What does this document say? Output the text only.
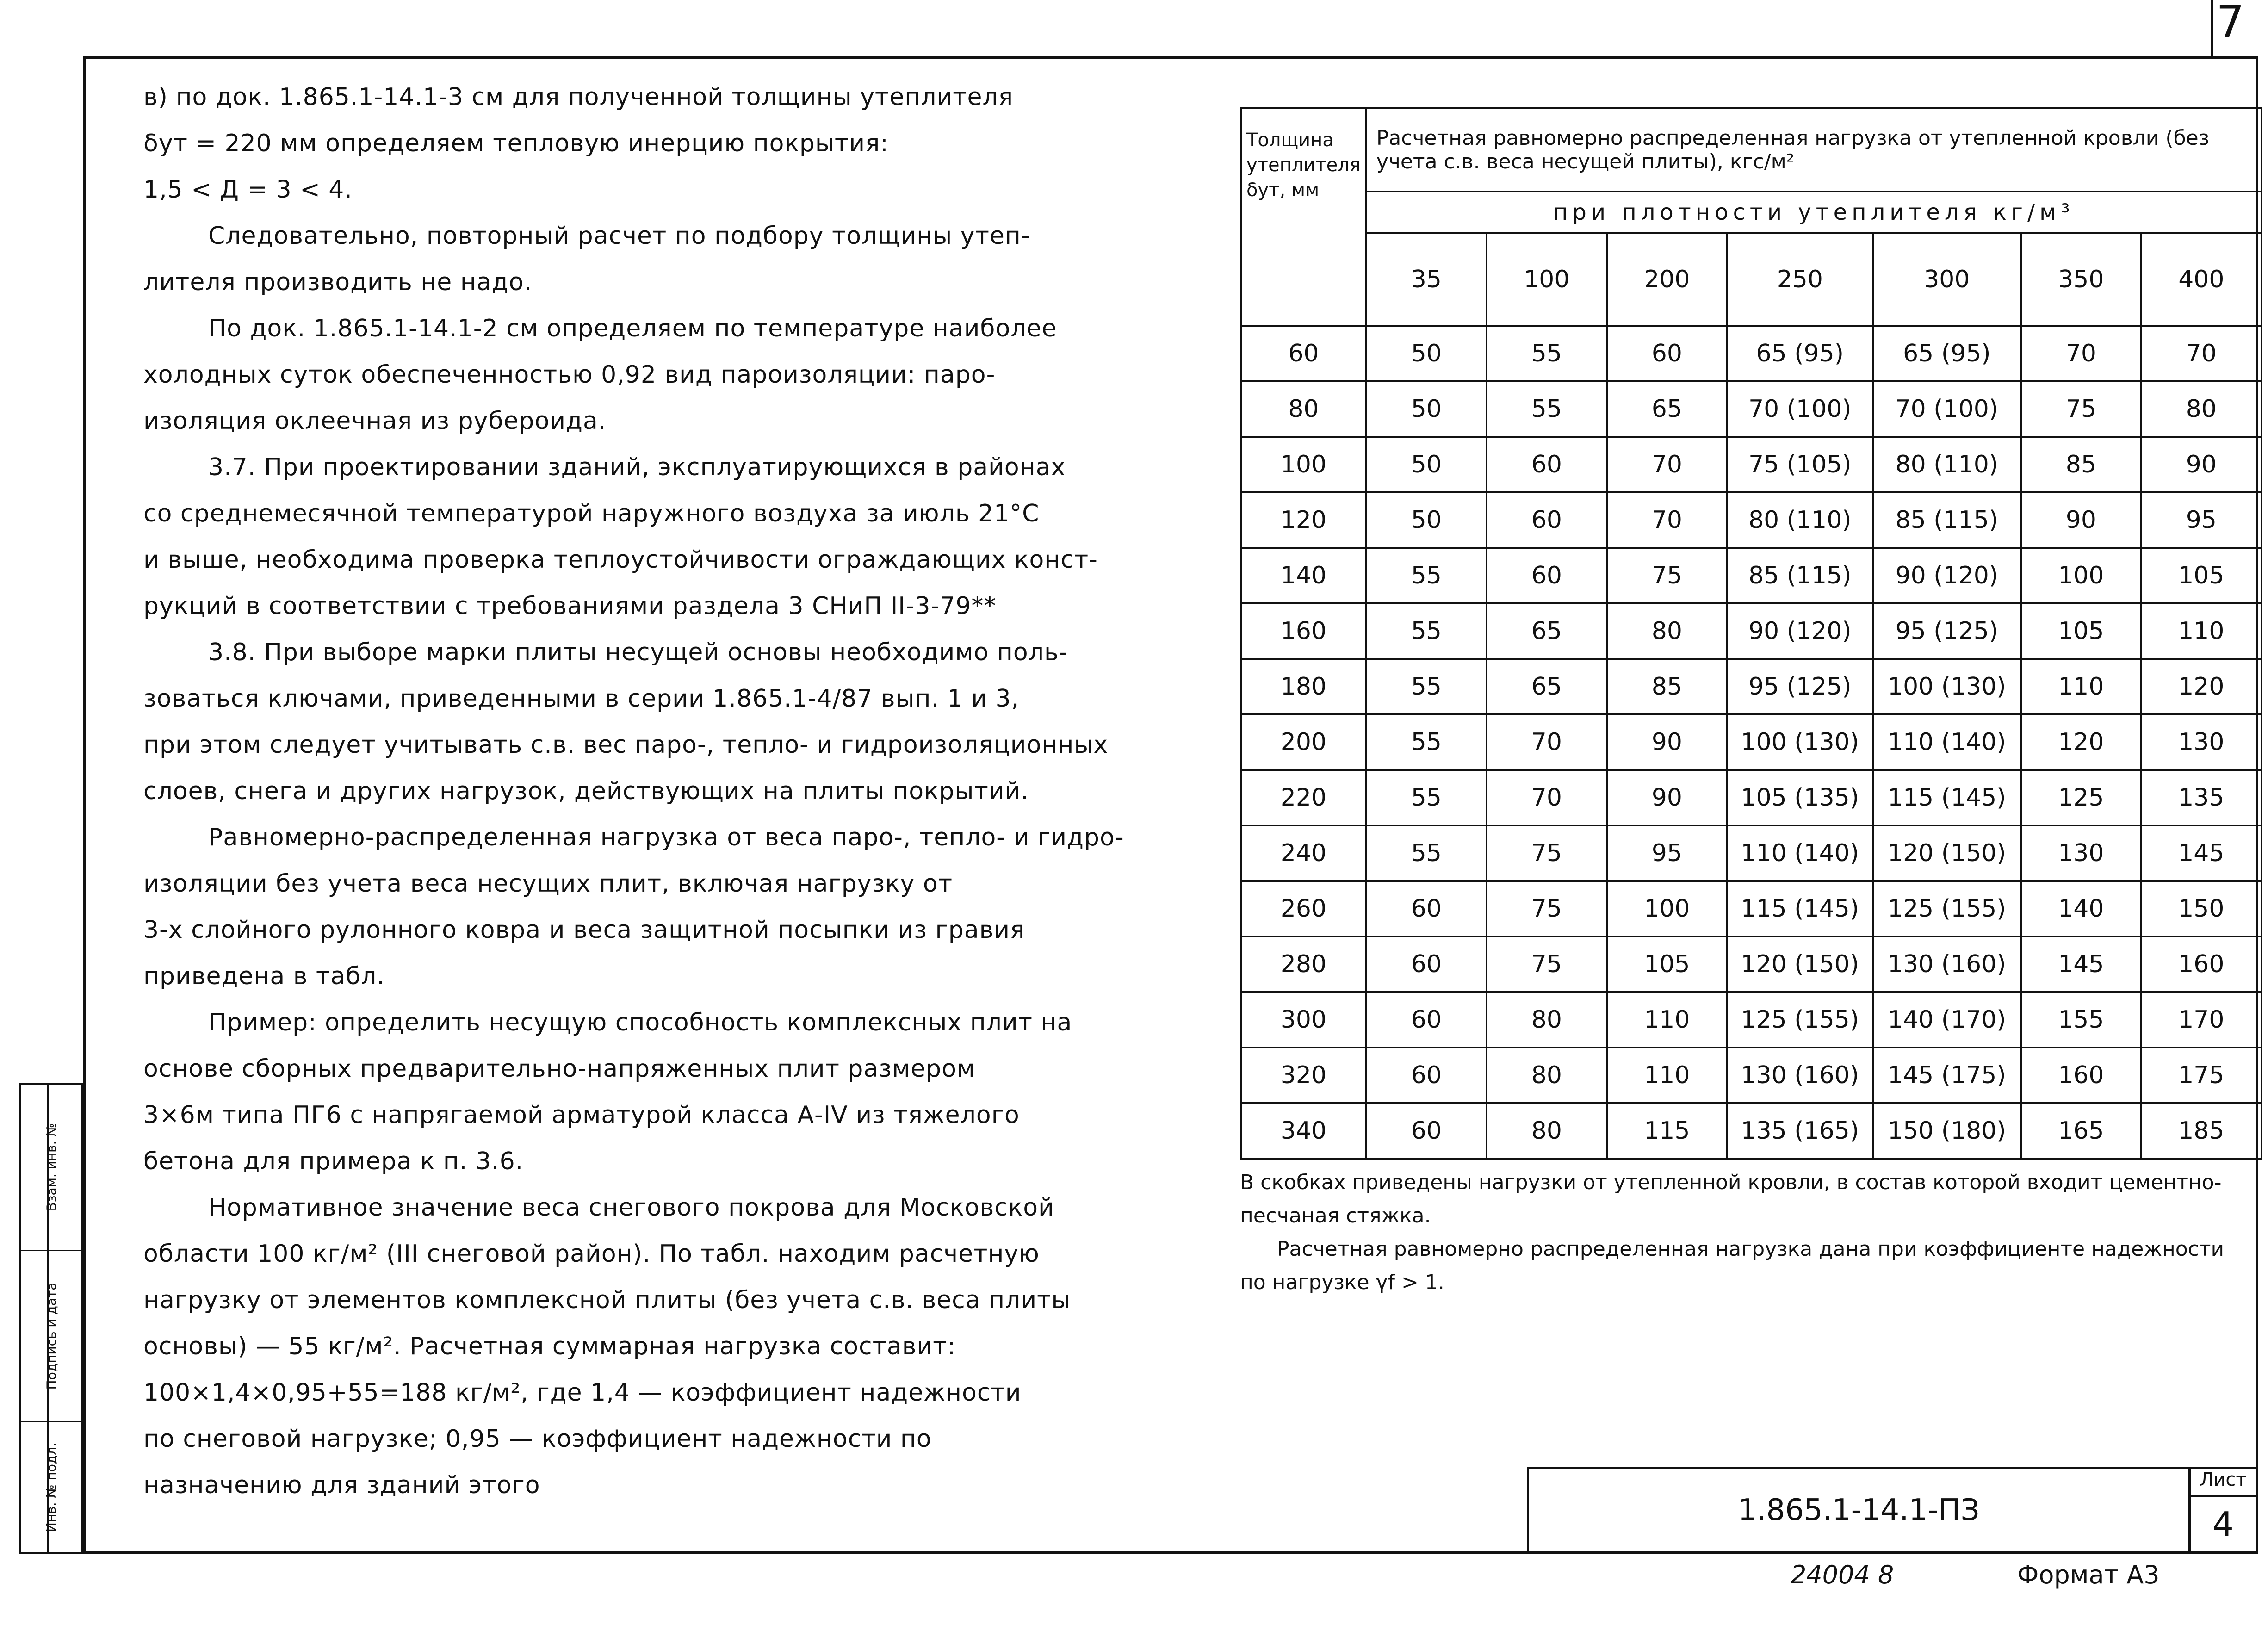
7
Взам. инв. №
Подпись и дата
Инв. № подл.

в) по док. 1.865.1-14.1-3 см для полученной толщины утеплителя

δут = 220 мм определяем тепловую инерцию покрытия:

1,5 < Д = 3 < 4.

Следовательно, повторный расчет по подбору толщины утеп-

лителя производить не надо.

По док. 1.865.1-14.1-2 см определяем по температуре наиболее

холодных суток обеспеченностью 0,92 вид пароизоляции: паро-

изоляция оклеечная из рубероида.

3.7. При проектировании зданий, эксплуатирующихся в районах

со среднемесячной температурой наружного воздуха за июль 21°С

и выше, необходима проверка теплоустойчивости ограждающих конст-

рукций в соответствии с требованиями раздела 3 СНиП II-3-79**

3.8. При выборе марки плиты несущей основы необходимо поль-

зоваться ключами, приведенными в серии 1.865.1-4/87 вып. 1 и 3,

при этом следует учитывать с.в. вес паро-, тепло- и гидроизоляционных

слоев, снега и других нагрузок, действующих на плиты покрытий.

Равномерно-распределенная нагрузка от веса паро-, тепло- и гидро-

изоляции без учета веса несущих плит, включая нагрузку от

3-х слойного рулонного ковра и веса защитной посыпки из гравия

приведена в табл.

Пример: определить несущую способность комплексных плит на

основе сборных предварительно-напряженных плит размером

3×6м типа ПГ6 с напрягаемой арматурой класса А-IV из тяжелого

бетона для примера к п. 3.6.

Нормативное значение веса снегового покрова для Московской

области 100 кг/м² (III снеговой район). По табл. находим расчетную

нагрузку от элементов комплексной плиты (без учета с.в. веса плиты

основы) — 55 кг/м². Расчетная суммарная нагрузка составит:

100×1,4×0,95+55=188 кг/м², где 1,4 — коэффициент надежности

по снеговой нагрузке; 0,95 — коэффициент надежности по

назначению для зданий этого

Толщина утеплителя δут, мм	Расчетная равномерно распределенная нагрузка от утепленной кровли (без учета с.в. веса несущей плиты), кгс/м²						
	при плотности утеплителя кг/м³						
	35	100	200	250	300	350	400
60	50	55	60	65 (95)	65 (95)	70	70
80	50	55	65	70 (100)	70 (100)	75	80
100	50	60	70	75 (105)	80 (110)	85	90
120	50	60	70	80 (110)	85 (115)	90	95
140	55	60	75	85 (115)	90 (120)	100	105
160	55	65	80	90 (120)	95 (125)	105	110
180	55	65	85	95 (125)	100 (130)	110	120
200	55	70	90	100 (130)	110 (140)	120	130
220	55	70	90	105 (135)	115 (145)	125	135
240	55	75	95	110 (140)	120 (150)	130	145
260	60	75	100	115 (145)	125 (155)	140	150
280	60	75	105	120 (150)	130 (160)	145	160
300	60	80	110	125 (155)	140 (170)	155	170
320	60	80	110	130 (160)	145 (175)	160	175
340	60	80	115	135 (165)	150 (180)	165	185

В скобках приведены нагрузки от утепленной кровли, в состав которой входит цементно-песчаная стяжка.

Расчетная равномерно распределенная нагрузка дана при коэффициенте надежности по нагрузке γf > 1.

1.865.1-14.1-ПЗ
Лист
4
24004 8	Формат А3
